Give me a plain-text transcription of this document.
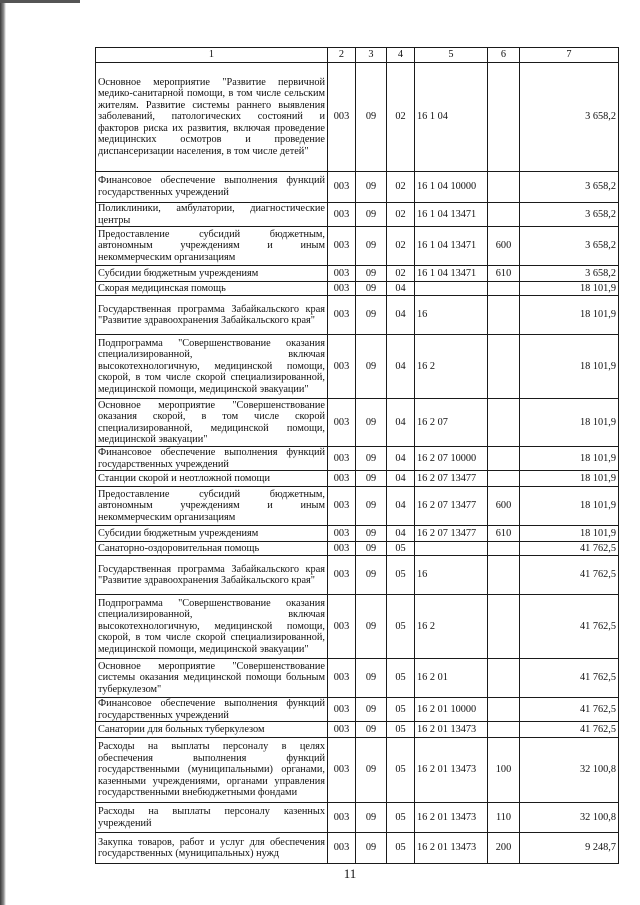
1	2	3	4	5	6	7
Основное мероприятие "Развитие первичной медико-санитарной помощи, в том числе сельским жителям. Развитие системы раннего выявления заболеваний, патологических состояний и факторов риска их развития, включая проведение медицинских осмотров и проведение диспансеризации населения, в том числе детей"	003	09	02	16 1 04		3 658,2
Финансовое обеспечение выполнения функций государственных учреждений	003	09	02	16 1 04 10000		3 658,2
Поликлиники, амбулатории, диагностические центры	003	09	02	16 1 04 13471		3 658,2
Предоставление субсидий бюджетным, автономным учреждениям и иным некоммерческим организациям	003	09	02	16 1 04 13471	600	3 658,2
Субсидии бюджетным учреждениям	003	09	02	16 1 04 13471	610	3 658,2
Скорая медицинская помощь	003	09	04			18 101,9
Государственная программа Забайкальского края "Развитие здравоохранения Забайкальского края"	003	09	04	16		18 101,9
Подпрограмма "Совершенствование оказания специализированной, включая высокотехнологичную, медицинской помощи, скорой, в том числе скорой специализированной, медицинской помощи, медицинской эвакуации"	003	09	04	16 2		18 101,9
Основное мероприятие "Совершенствование оказания скорой, в том числе скорой специализированной, медицинской помощи, медицинской эвакуации"	003	09	04	16 2 07		18 101,9
Финансовое обеспечение выполнения функций государственных учреждений	003	09	04	16 2 07 10000		18 101,9
Станции скорой и неотложной помощи	003	09	04	16 2 07 13477		18 101,9
Предоставление субсидий бюджетным, автономным учреждениям и иным некоммерческим организациям	003	09	04	16 2 07 13477	600	18 101,9
Субсидии бюджетным учреждениям	003	09	04	16 2 07 13477	610	18 101,9
Санаторно-оздоровительная помощь	003	09	05			41 762,5
Государственная программа Забайкальского края "Развитие здравоохранения Забайкальского края"	003	09	05	16		41 762,5
Подпрограмма "Совершенствование оказания специализированной, включая высокотехнологичную, медицинской помощи, скорой, в том числе скорой специализированной, медицинской помощи, медицинской эвакуации"	003	09	05	16 2		41 762,5
Основное мероприятие "Совершенствование системы оказания медицинской помощи больным туберкулезом"	003	09	05	16 2 01		41 762,5
Финансовое обеспечение выполнения функций государственных учреждений	003	09	05	16 2 01 10000		41 762,5
Санатории для больных туберкулезом	003	09	05	16 2 01 13473		41 762,5
Расходы на выплаты персоналу в целях обеспечения выполнения функций государственными (муниципальными) органами, казенными учреждениями, органами управления государственными внебюджетными фондами	003	09	05	16 2 01 13473	100	32 100,8
Расходы на выплаты персоналу казенных учреждений	003	09	05	16 2 01 13473	110	32 100,8
Закупка товаров, работ и услуг для обеспечения государственных (муниципальных) нужд	003	09	05	16 2 01 13473	200	9 248,7
11
